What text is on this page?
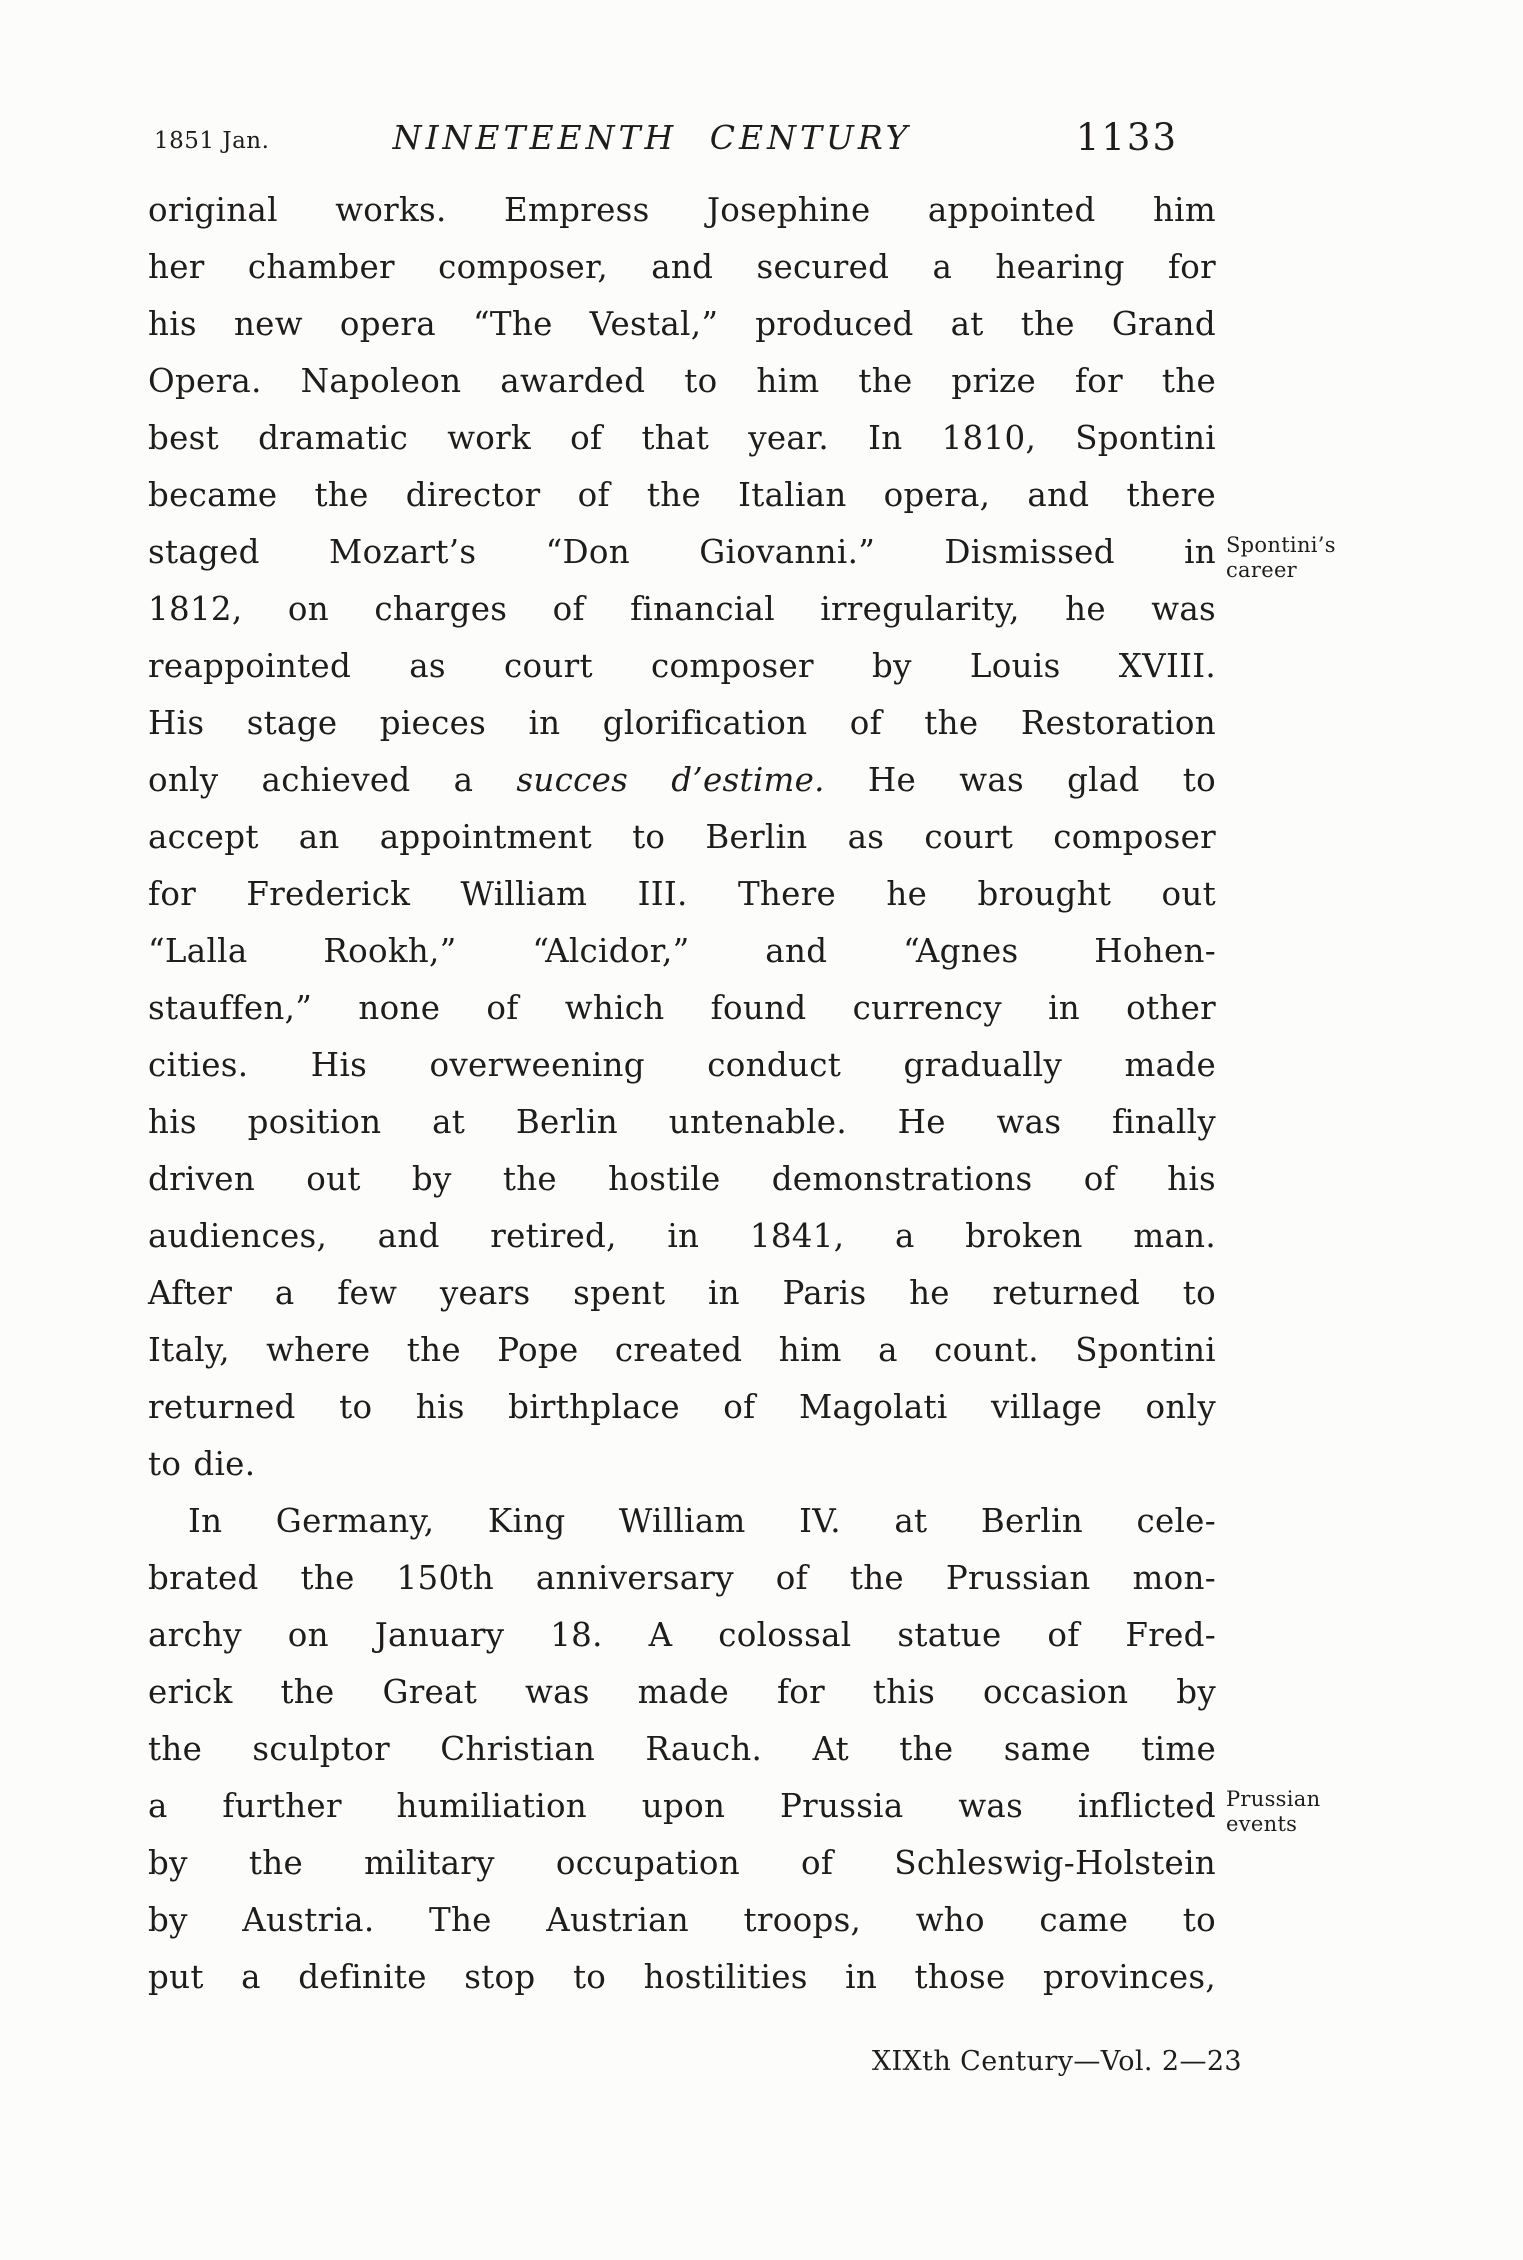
1851 Jan.	NINETEENTH CENTURY	1133
original works. Empress Josephine appointed him
her chamber composer, and secured a hearing for
his new opera “The Vestal,” produced at the Grand
Opera. Napoleon awarded to him the prize for the
best dramatic work of that year. In 1810, Spontini
became the director of the Italian opera, and there
staged Mozart’s “Don Giovanni.” Dismissed in Spontini’s
career
1812, on charges of financial irregularity, he was
reappointed as court composer by Louis XVIII.
His stage pieces in glorification of the Restoration
only achieved a succes d’estime. He was glad to
accept an appointment to Berlin as court composer
for Frederick William III. There he brought out
“Lalla Rookh,” “Alcidor,” and “Agnes Hohen-
stauffen,” none of which found currency in other
cities. His overweening conduct gradually made
his position at Berlin untenable. He was finally
driven out by the hostile demonstrations of his
audiences, and retired, in 1841, a broken man.
After a few years spent in Paris he returned to
Italy, where the Pope created him a count. Spontini
returned to his birthplace of Magolati village only
to die.
In Germany, King William IV. at Berlin cele-
brated the 150th anniversary of the Prussian mon-
archy on January 18. A colossal statue of Fred-
erick the Great was made for this occasion by
the sculptor Christian Rauch. At the same time
a further humiliation upon Prussia was inflicted Prussian
events
by the military occupation of Schleswig-Holstein
by Austria. The Austrian troops, who came to
put a definite stop to hostilities in those provinces,
XIXth Century—Vol. 2—23
